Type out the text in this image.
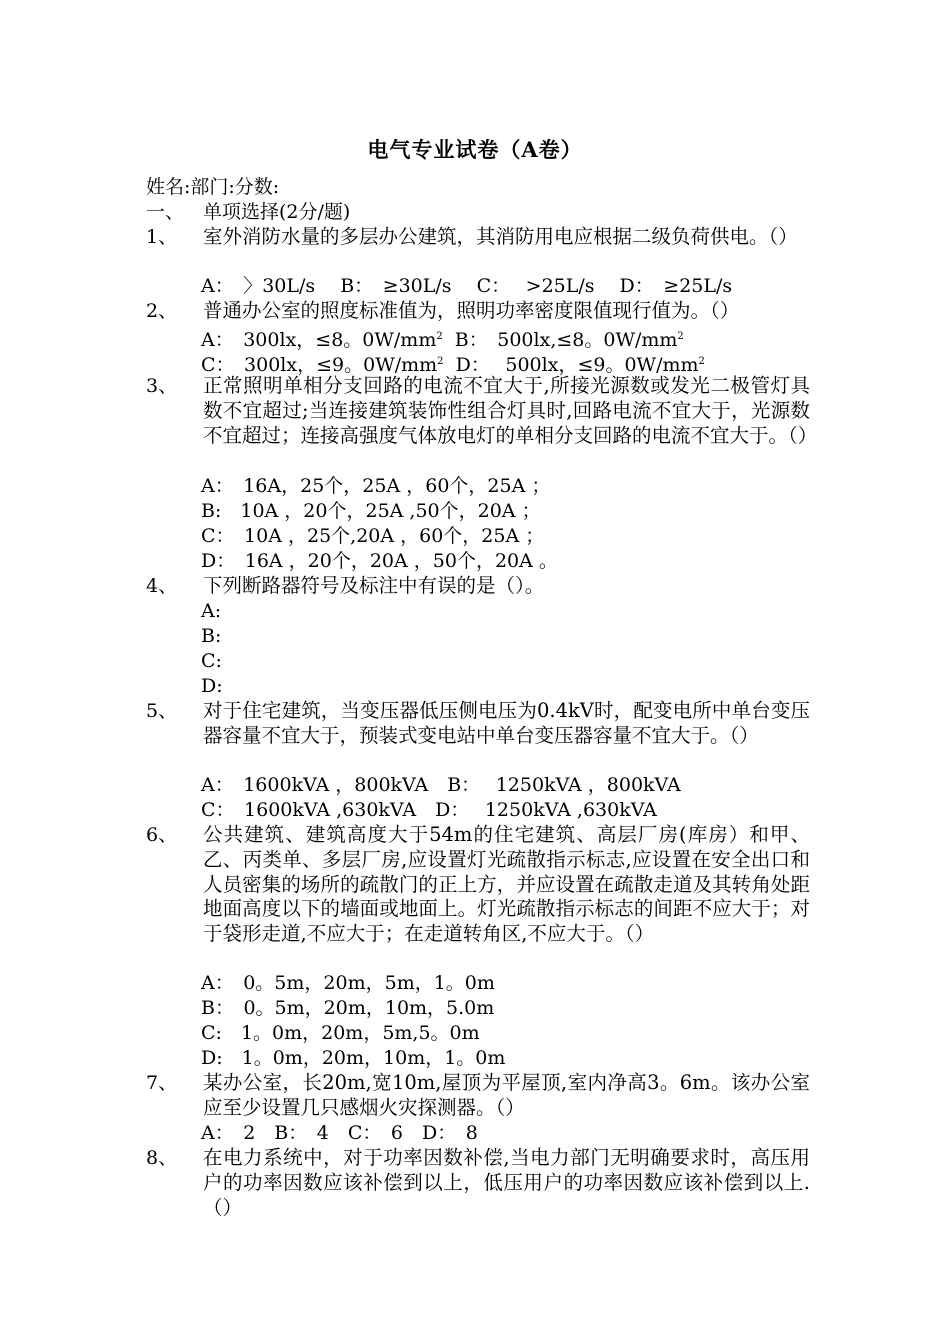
电气专业试卷（A卷）
姓名:部门:分数:
一、 单项选择(2分/题)
1、 室外消防水量的多层办公建筑，其消防用电应根据二级负荷供电。（）
A：　〉30L/s　 B：　≥30L/s　 C：　 >25L/s　 D：　≥25L/s
2、 普通办公室的照度标准值为，照明功率密度限值现行值为。（）
A：　300lx，≤8。$0W/mm^2$  B：　500lx,≤8。$0W/mm^2$
C：　300lx，≤9。$0W/mm^2$  D：　 500lx，≤9。$0W/mm^2$
3、 正常照明单相分支回路的电流不宜大于,所接光源数或发光二极管灯具数不宜超过;当连接建筑装饰性组合灯具时,回路电流不宜大于，光源数不宜超过；连接高强度气体放电灯的单相分支回路的电流不宜大于。（）
A：　16A，25个，25A ，60个，25A ；
B:　10A ，20个，25A ,50个，20A ；
C：　10A ，25个,20A ，60个，25A ；
D：　16A ，20个，20A ，50个，20A 。
4、 下列断路器符号及标注中有误的是（）。
A:
B:
C:
D:
5、 对于住宅建筑，当变压器低压侧电压为0.4kV时，配变电所中单台变压器容量不宜大于，预装式变电站中单台变压器容量不宜大于。（）
A：　1600kVA ，800kVA　B：　 1250kVA ，800kVA
C：　1600kVA ,630kVA　D：　 1250kVA ,630kVA
6、 公共建筑、建筑高度大于54m的住宅建筑、高层厂房(库房）和甲、乙、丙类单、多层厂房,应设置灯光疏散指示标志,应设置在安全出口和人员密集的场所的疏散门的正上方，并应设置在疏散走道及其转角处距地面高度以下的墙面或地面上。灯光疏散指示标志的间距不应大于；对于袋形走道,不应大于；在走道转角区,不应大于。（）
A：　0。5m，20m，5m，1。0m
B：　0。5m，20m，10m，5.0m
C:　1。0m，20m，5m,5。0m
D:　1。0m，20m，10m，1。0m
7、 某办公室，长20m,宽10m,屋顶为平屋顶,室内净高3。6m。该办公室应至少设置几只感烟火灾探测器。（）
A：　2　B：　4　C：　6　D：　8
8、 在电力系统中，对于功率因数补偿,当电力部门无明确要求时，高压用户的功率因数应该补偿到以上，低压用户的功率因数应该补偿到以上.（）
